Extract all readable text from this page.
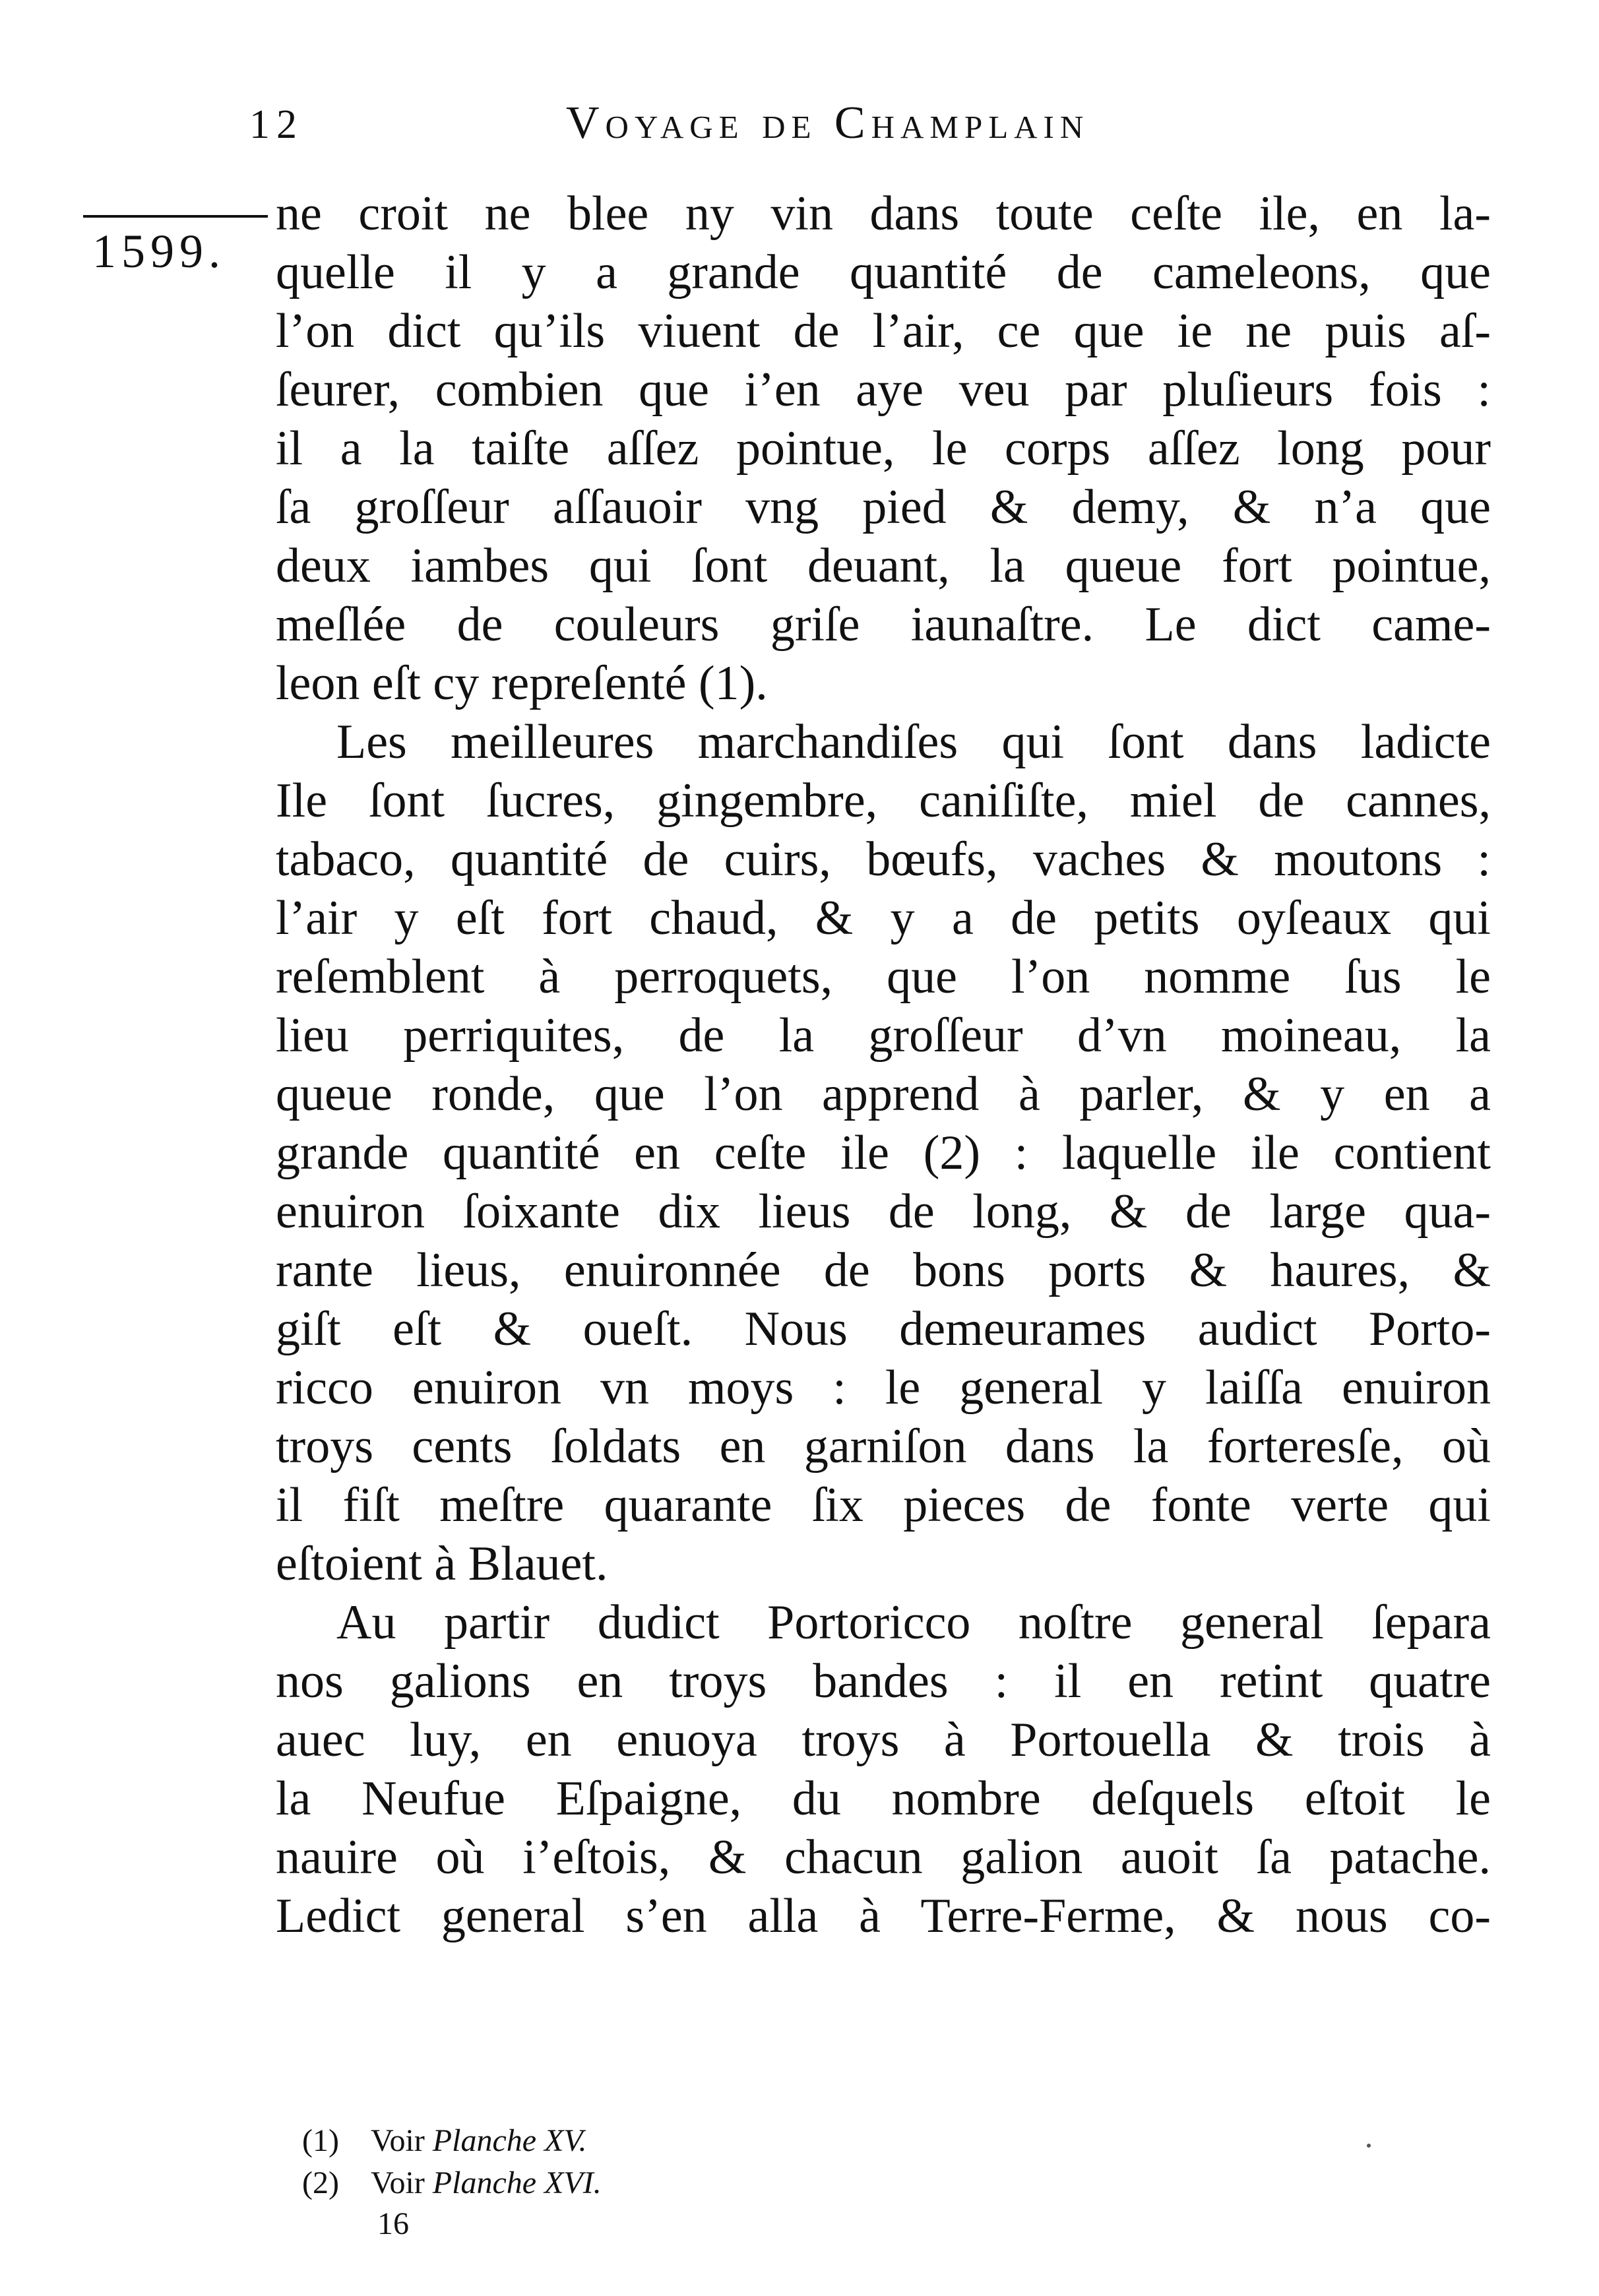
12	Voyage de Champlain
1599.
ne croit ne blee ny vin dans toute ceſte ile, en la-
quelle il y a grande quantité de cameleons, que
l’on dict qu’ils viuent de l’air, ce que ie ne puis aſ-
ſeurer, combien que i’en aye veu par pluſieurs fois :
il a la taiſte aſſez pointue, le corps aſſez long pour
ſa groſſeur aſſauoir vng pied & demy, & n’a que
deux iambes qui ſont deuant, la queue fort pointue,
meſlée de couleurs griſe iaunaſtre. Le dict came-
leon eſt cy repreſenté (1).
Les meilleures marchandiſes qui ſont dans ladicte
Ile ſont ſucres, gingembre, caniſiſte, miel de cannes,
tabaco, quantité de cuirs, bœufs, vaches & moutons :
l’air y eſt fort chaud, & y a de petits oyſeaux qui
reſemblent à perroquets, que l’on nomme ſus le
lieu perriquites, de la groſſeur d’vn moineau, la
queue ronde, que l’on apprend à parler, & y en a
grande quantité en ceſte ile (2) : laquelle ile contient
enuiron ſoixante dix lieus de long, & de large qua-
rante lieus, enuironnée de bons ports & haures, &
giſt eſt & oueſt. Nous demeurames audict Porto-
ricco enuiron vn moys : le general y laiſſa enuiron
troys cents ſoldats en garniſon dans la forteresſe, où
il fiſt meſtre quarante ſix pieces de fonte verte qui
eſtoient à Blauet.
Au partir dudict Portoricco noſtre general ſepara
nos galions en troys bandes : il en retint quatre
auec luy, en enuoya troys à Portouella & trois à
la Neufue Eſpaigne, du nombre deſquels eſtoit le
nauire où i’eſtois, & chacun galion auoit ſa patache.
Ledict general s’en alla à Terre-Ferme, & nous co-
(1) Voir Planche XV.
(2) Voir Planche XVI.
16
